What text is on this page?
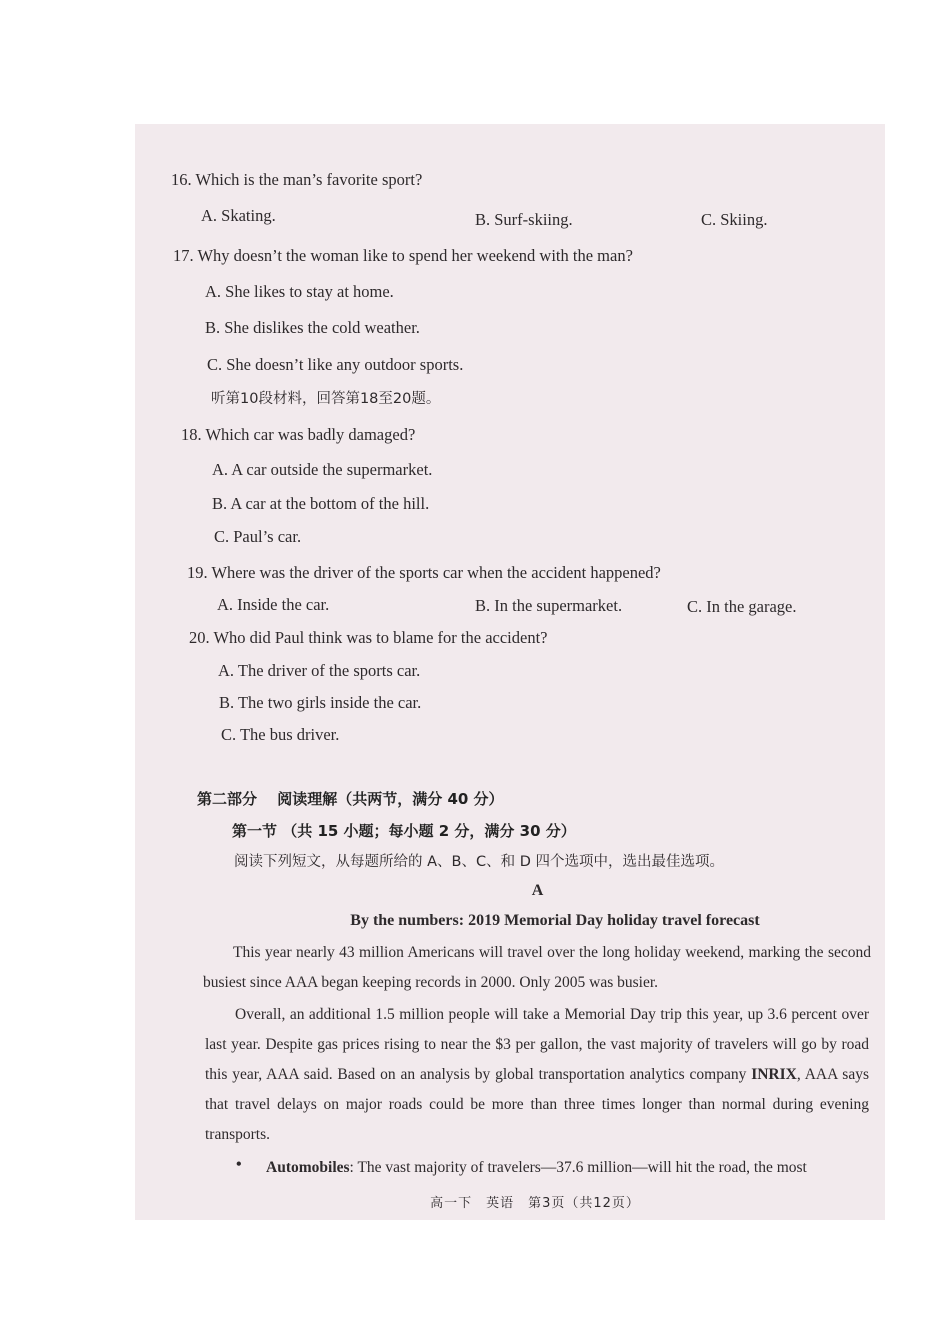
16. Which is the man’s favorite sport?
A. Skating.	B. Surf-skiing.	C. Skiing.
17. Why doesn’t the woman like to spend her weekend with the man?
A. She likes to stay at home.
B. She dislikes the cold weather.
C. She doesn’t like any outdoor sports.
听第10段材料，回答第18至20题。
18. Which car was badly damaged?
A. A car outside the supermarket.
B. A car at the bottom of the hill.
C. Paul’s car.
19. Where was the driver of the sports car when the accident happened?
A. Inside the car.	B. In the supermarket.	C. In the garage.
20. Who did Paul think was to blame for the accident?
A. The driver of the sports car.
B. The two girls inside the car.
C. The bus driver.
第二部分　 阅读理解（共两节，满分 40 分）
第一节 （共 15 小题；每小题 2 分，满分 30 分）
阅读下列短文，从每题所给的 A、B、C、和 D 四个选项中，选出最佳选项。
A
By the numbers: 2019 Memorial Day holiday travel forecast
This year nearly 43 million Americans will travel over the long holiday weekend, marking the second busiest since AAA began keeping records in 2000. Only 2005 was busier.
Overall, an additional 1.5 million people will take a Memorial Day trip this year, up 3.6 percent over last year. Despite gas prices rising to near the $3 per gallon, the vast majority of travelers will go by road this year, AAA said. Based on an analysis by global transportation analytics company INRIX, AAA says that travel delays on major roads could be more than three times longer than normal during evening transports.
• Automobiles: The vast majority of travelers—37.6 million—will hit the road, the most
高一下　英语　第3页（共12页）
